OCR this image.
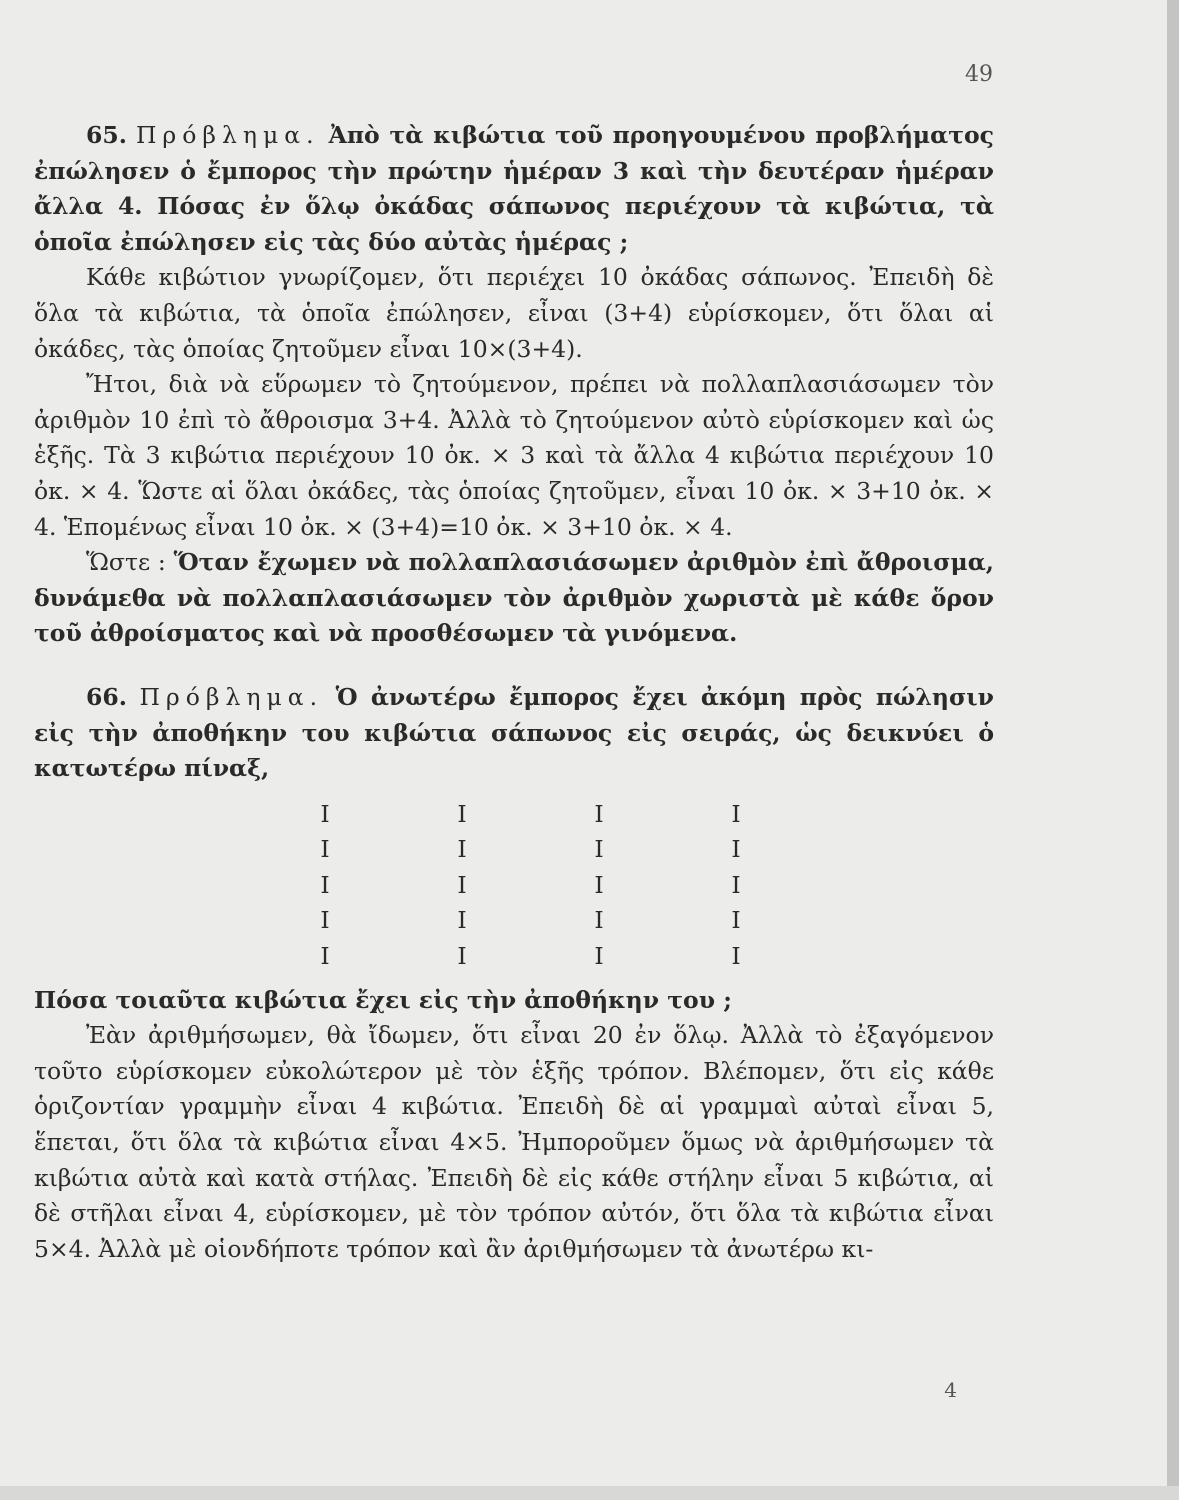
49

65. Πρόβλημα. Ἀπὸ τὰ κιβώτια τοῦ προηγουμένου προβλήματος ἐπώλησεν ὁ ἔμπορος τὴν πρώτην ἡμέραν 3 καὶ τὴν δευτέραν ἡμέραν ἄλλα 4. Πόσας ἐν ὅλῳ ὀκάδας σάπωνος περιέχουν τὰ κιβώτια, τὰ ὁποῖα ἐπώλησεν εἰς τὰς δύο αὐτὰς ἡμέρας ;

Κάθε κιβώτιον γνωρίζομεν, ὅτι περιέχει 10 ὀκάδας σάπωνος. Ἐπειδὴ δὲ ὅλα τὰ κιβώτια, τὰ ὁποῖα ἐπώλησεν, εἶναι (3+4) εὑρίσκομεν, ὅτι ὅλαι αἱ ὀκάδες, τὰς ὁποίας ζητοῦμεν εἶναι 10×(3+4).

Ἤτοι, διὰ νὰ εὕρωμεν τὸ ζητούμενον, πρέπει νὰ πολλαπλασιάσωμεν τὸν ἀριθμὸν 10 ἐπὶ τὸ ἄθροισμα 3+4. Ἀλλὰ τὸ ζητούμενον αὐτὸ εὑρίσκομεν καὶ ὡς ἑξῆς. Τὰ 3 κιβώτια περιέχουν 10 ὀκ. × 3 καὶ τὰ ἄλλα 4 κιβώτια περιέχουν 10 ὀκ. × 4. Ὥστε αἱ ὅλαι ὀκάδες, τὰς ὁποίας ζητοῦμεν, εἶναι 10 ὀκ. × 3+10 ὀκ. × 4. Ἑπομένως εἶναι 10 ὀκ. × (3+4)=10 ὀκ. × 3+10 ὀκ. × 4.

Ὥστε : Ὅταν ἔχωμεν νὰ πολλαπλασιάσωμεν ἀριθμὸν ἐπὶ ἄθροισμα, δυνάμεθα νὰ πολλαπλασιάσωμεν τὸν ἀριθμὸν χωριστὰ μὲ κάθε ὅρον τοῦ ἀθροίσματος καὶ νὰ προσθέσωμεν τὰ γινόμενα.

66. Πρόβλημα. Ὁ ἀνωτέρω ἔμπορος ἔχει ἀκόμη πρὸς πώλησιν εἰς τὴν ἀποθήκην του κιβώτια σάπωνος εἰς σειράς, ὡς δεικνύει ὁ κατωτέρω πίναξ,

I	I	I	I
I	I	I	I
I	I	I	I
I	I	I	I
I	I	I	I

Πόσα τοιαῦτα κιβώτια ἔχει εἰς τὴν ἀποθήκην του ;

Ἐὰν ἀριθμήσωμεν, θὰ ἴδωμεν, ὅτι εἶναι 20 ἐν ὅλῳ. Ἀλλὰ τὸ ἐξαγόμενον τοῦτο εὑρίσκομεν εὐκολώτερον μὲ τὸν ἑξῆς τρόπον. Βλέπομεν, ὅτι εἰς κάθε ὁριζοντίαν γραμμὴν εἶναι 4 κιβώτια. Ἐπειδὴ δὲ αἱ γραμμαὶ αὐταὶ εἶναι 5, ἕπεται, ὅτι ὅλα τὰ κιβώτια εἶναι 4×5. Ἠμποροῦμεν ὅμως νὰ ἀριθμήσωμεν τὰ κιβώτια αὐτὰ καὶ κατὰ στήλας. Ἐπειδὴ δὲ εἰς κάθε στήλην εἶναι 5 κιβώτια, αἱ δὲ στῆλαι εἶναι 4, εὑρίσκομεν, μὲ τὸν τρόπον αὐτόν, ὅτι ὅλα τὰ κιβώτια εἶναι 5×4. Ἀλλὰ μὲ οἱονδήποτε τρόπον καὶ ἂν ἀριθμήσωμεν τὰ ἀνωτέρω κι-

4
